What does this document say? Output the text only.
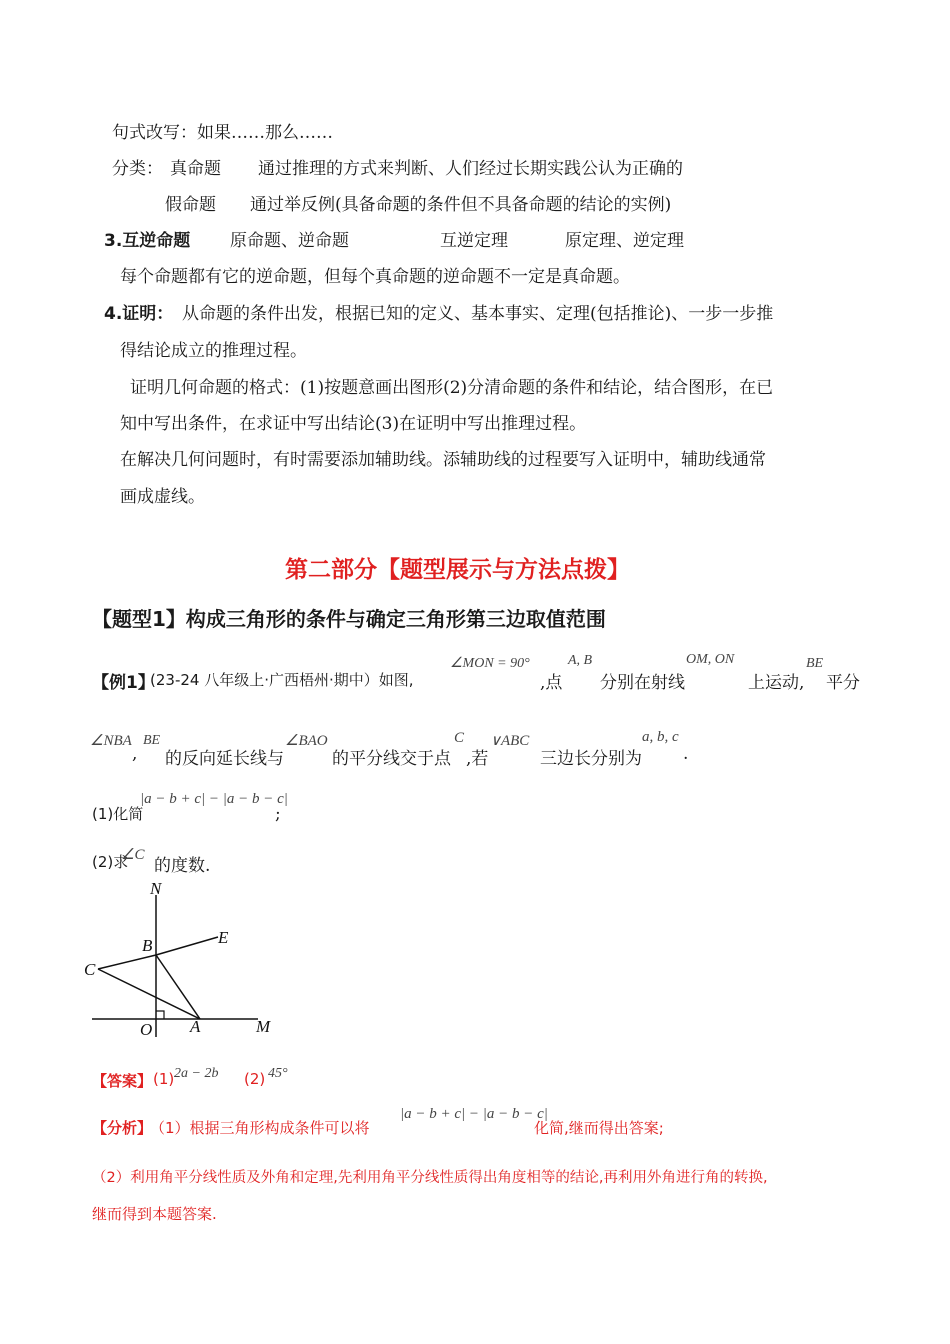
句式改写：如果……那么……
分类： 真命题 通过推理的方式来判断、人们经过长期实践公认为正确的
假命题 通过举反例(具备命题的条件但不具备命题的结论的实例)
3.互逆命题 原命题、逆命题	互逆定理	原定理、逆定理
每个命题都有它的逆命题，但每个真命题的逆命题不一定是真命题。
4.证明： 从命题的条件出发，根据已知的定义、基本事实、定理(包括推论)、一步一步推
得结论成立的推理过程。
证明几何命题的格式：(1)按题意画出图形(2)分清命题的条件和结论，结合图形，在已
知中写出条件，在求证中写出结论(3)在证明中写出推理过程。
在解决几何问题时，有时需要添加辅助线。添辅助线的过程要写入证明中，辅助线通常
画成虚线。
第二部分【题型展示与方法点拨】
【题型1】构成三角形的条件与确定三角形第三边取值范围
【例1】
(23-24 八年级上·广西梧州·期中）如图,
∠MON = 90°
,点
A, B
分别在射线
OM, ON
上运动,
BE
平分
∠NBA
,
BE
的反向延长线与
∠BAO
的平分线交于点
C
,若
∨ABC
三边长分别为
a, b, c
.
(1)化简
|a − b + c| − |a − b − c|
;
(2)求
∠C
的度数.
N
B	E
C
O A	M
【答案】 (1) 2a − 2b (2) 45°
【分析】
（1）根据三角形构成条件可以将
|a − b + c| − |a − b − c|
化简,继而得出答案;
（2）利用角平分线性质及外角和定理,先利用角平分线性质得出角度相等的结论,再利用外角进行角的转换,
继而得到本题答案.
